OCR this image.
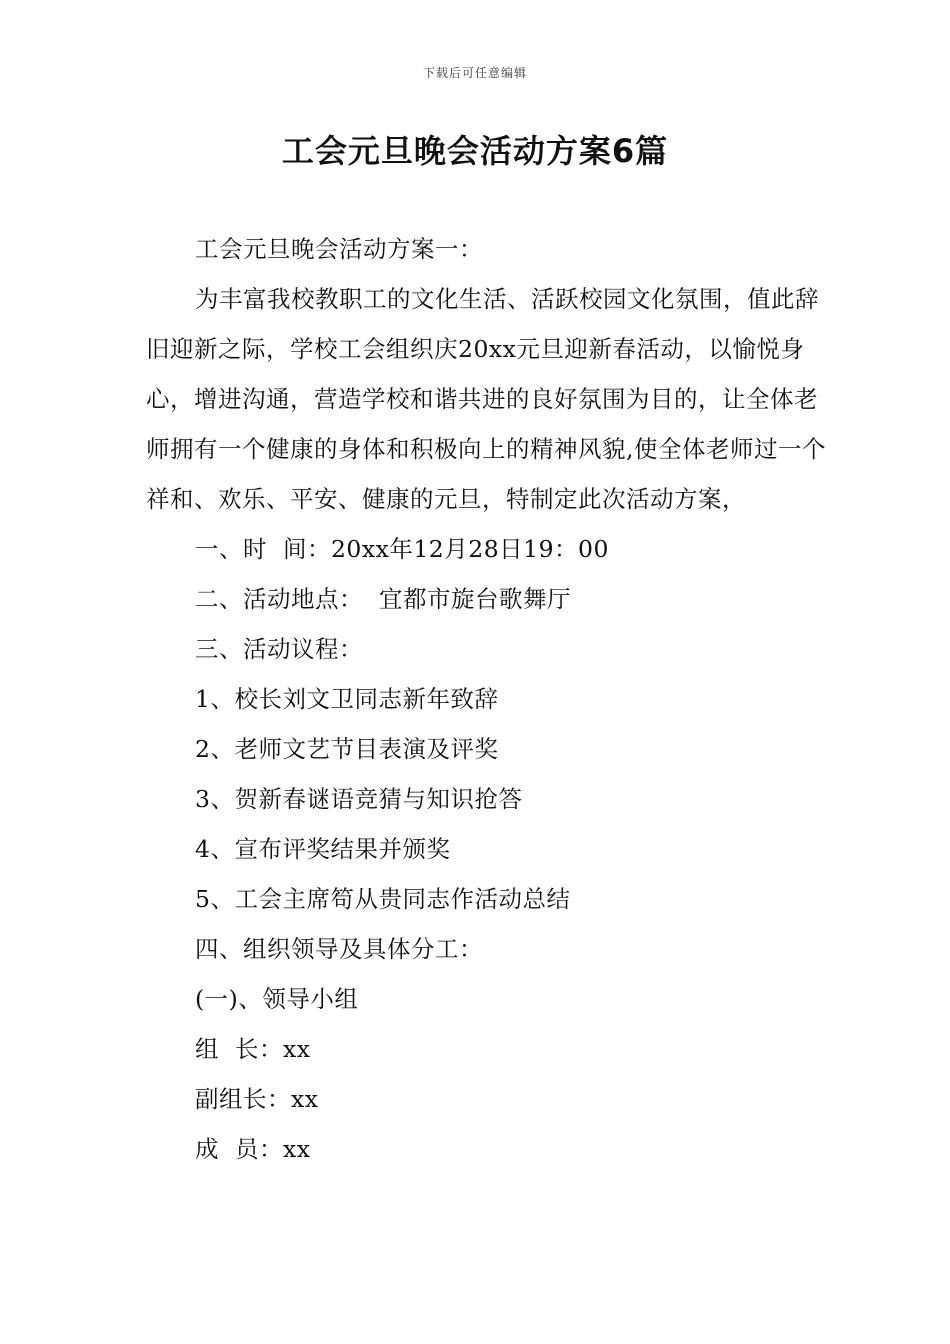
下载后可任意编辑
工会元旦晚会活动方案6篇

工会元旦晚会活动方案一：

为丰富我校教职工的文化生活、活跃校园文化氛围，值此辞旧迎新之际，学校工会组织庆20xx元旦迎新春活动，以愉悦身心，增进沟通，营造学校和谐共进的良好氛围为目的，让全体老师拥有一个健康的身体和积极向上的精神风貌,使全体老师过一个祥和、欢乐、平安、健康的元旦，特制定此次活动方案，

一、时  间：20xx年12月28日19：00

二、活动地点：  宜都市旋台歌舞厅

三、活动议程：

1、校长刘文卫同志新年致辞

2、老师文艺节目表演及评奖

3、贺新春谜语竞猜与知识抢答

4、宣布评奖结果并颁奖

5、工会主席笱从贵同志作活动总结

四、组织领导及具体分工：

(一)、领导小组

组  长：xx

副组长：xx

成  员：xx
